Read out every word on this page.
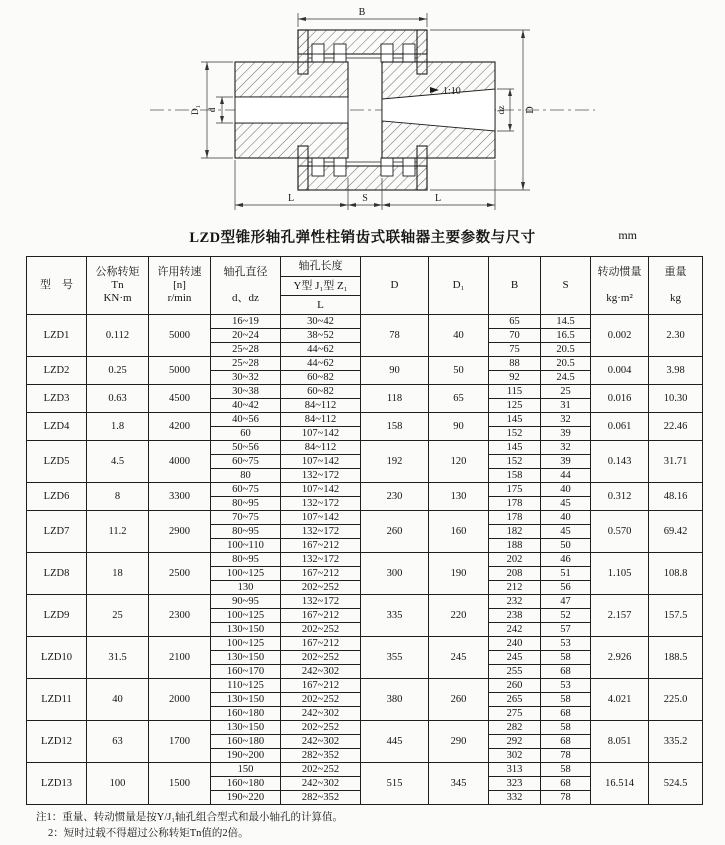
1:10
B
D
dz
D₁ d
L	S	L
LZD型锥形轴孔弹性柱销齿式联轴器主要参数与尺寸	mm
型　号	公称转矩
Tn
KN·m	许用转速
[n]
r/min	轴孔直径
d、dz	轴孔长度	D	D₁	B	S	转动惯量
kg·m²	重量
kg

				Y型 J₁型 Z₁						
				L						
LZD1	0.112	5000	16~19	30~42	78	40	65	14.5	0.002	2.30
			20~24	38~52			70	16.5		
			25~28	44~62			75	20.5		
LZD2	0.25	5000	25~28	44~62	90	50	88	20.5	0.004	3.98
			30~32	60~82			92	24.5		
LZD3	0.63	4500	30~38	60~82	118	65	115	25	0.016	10.30
			40~42	84~112			125	31		
LZD4	1.8	4200	40~56	84~112	158	90	145	32	0.061	22.46
			60	107~142			152	39		
LZD5	4.5	4000	50~56	84~112	192	120	145	32	0.143	31.71
			60~75	107~142			152	39		
			80	132~172			158	44		
LZD6	8	3300	60~75	107~142	230	130	175	40	0.312	48.16
			80~95	132~172			178	45		
LZD7	11.2	2900	70~75	107~142	260	160	178	40	0.570	69.42
			80~95	132~172			182	45		
			100~110	167~212			188	50		
LZD8	18	2500	80~95	132~172	300	190	202	46	1.105	108.8
			100~125	167~212			208	51		
			130	202~252			212	56		
LZD9	25	2300	90~95	132~172	335	220	232	47	2.157	157.5
			100~125	167~212			238	52		
			130~150	202~252			242	57		
LZD10	31.5	2100	100~125	167~212	355	245	240	53	2.926	188.5
			130~150	202~252			245	58		
			160~170	242~302			255	68		
LZD11	40	2000	110~125	167~212	380	260	260	53	4.021	225.0
			130~150	202~252			265	58		
			160~180	242~302			275	68		
LZD12	63	1700	130~150	202~252	445	290	282	58	8.051	335.2
			160~180	242~302			292	68		
			190~200	282~352			302	78		
LZD13	100	1500	150	202~252	515	345	313	58	16.514	524.5
			160~180	242~302			323	68		
			190~220	282~352			332	78		
注1：重量、转动惯量是按Y/J₁轴孔组合型式和最小轴孔的计算值。
2：短时过载不得超过公称转矩Tn值的2倍。
